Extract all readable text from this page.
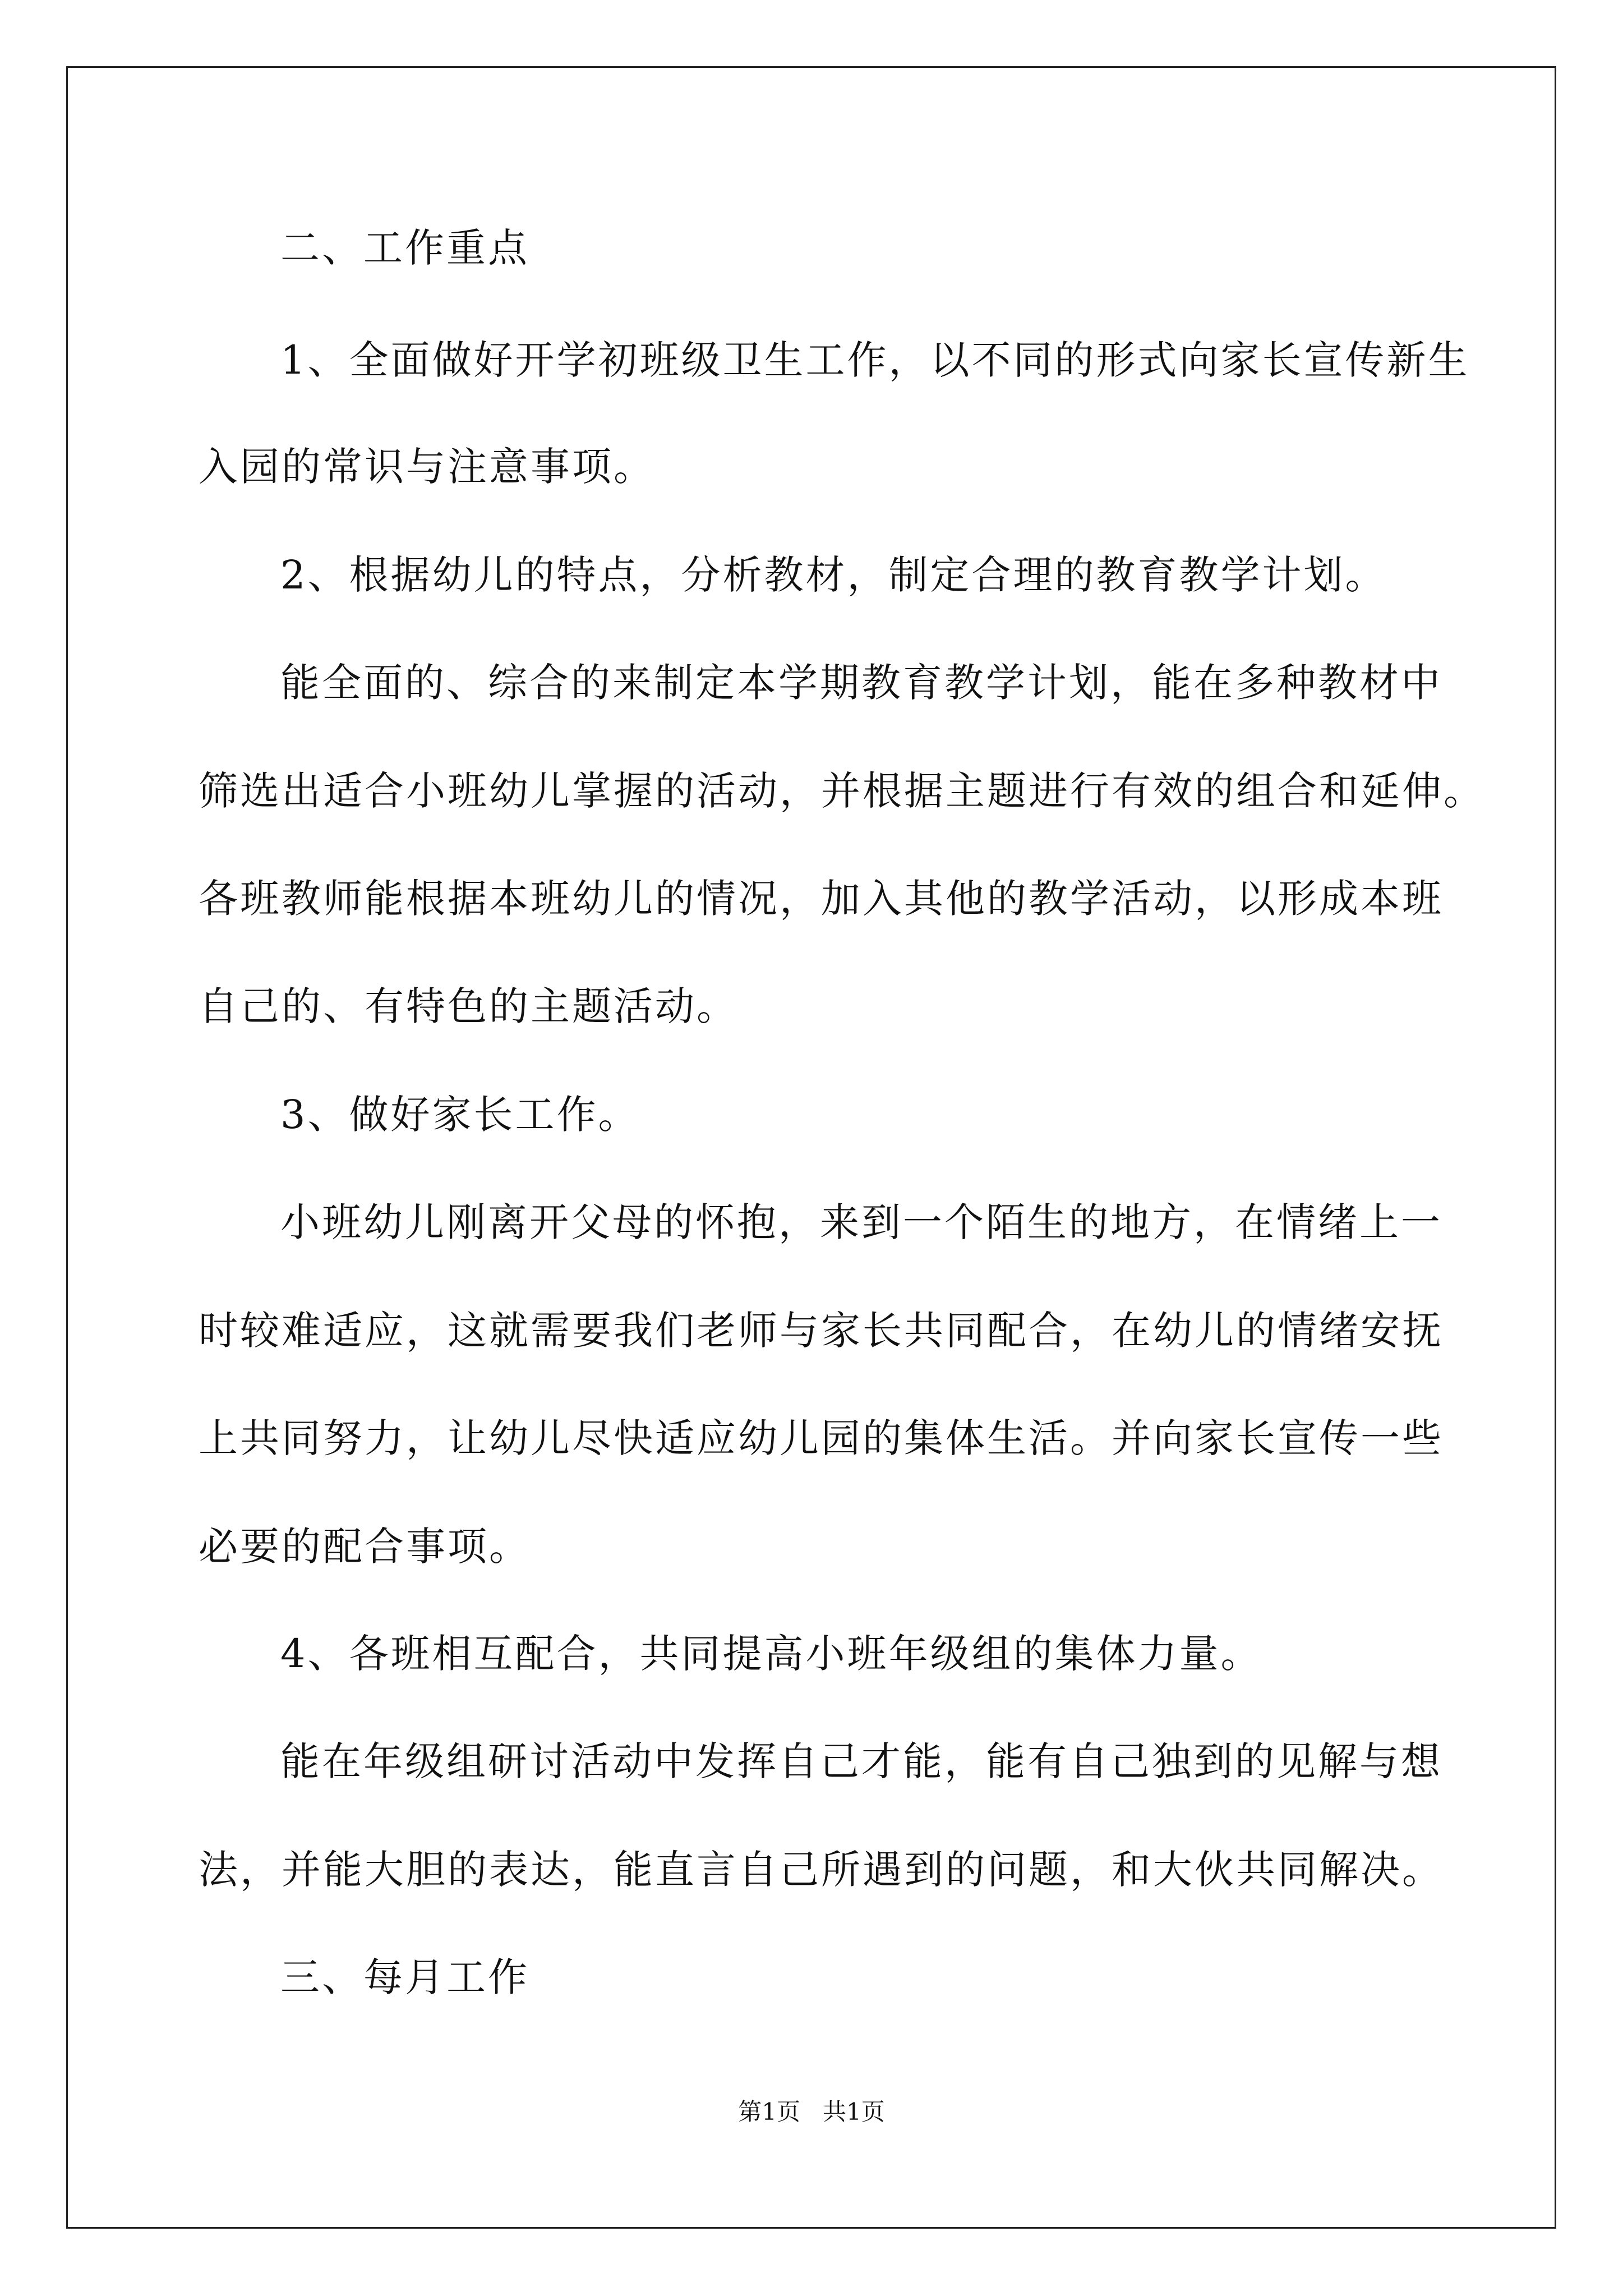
二、工作重点

1、全面做好开学初班级卫生工作，以不同的形式向家长宣传新生

入园的常识与注意事项。

2、根据幼儿的特点，分析教材，制定合理的教育教学计划。

能全面的、综合的来制定本学期教育教学计划，能在多种教材中

筛选出适合小班幼儿掌握的活动，并根据主题进行有效的组合和延伸。

各班教师能根据本班幼儿的情况，加入其他的教学活动，以形成本班

自己的、有特色的主题活动。

3、做好家长工作。

小班幼儿刚离开父母的怀抱，来到一个陌生的地方，在情绪上一

时较难适应，这就需要我们老师与家长共同配合，在幼儿的情绪安抚

上共同努力，让幼儿尽快适应幼儿园的集体生活。并向家长宣传一些

必要的配合事项。

4、各班相互配合，共同提高小班年级组的集体力量。

能在年级组研讨活动中发挥自己才能，能有自己独到的见解与想

法，并能大胆的表达，能直言自己所遇到的问题，和大伙共同解决。

三、每月工作

第1页   共1页
